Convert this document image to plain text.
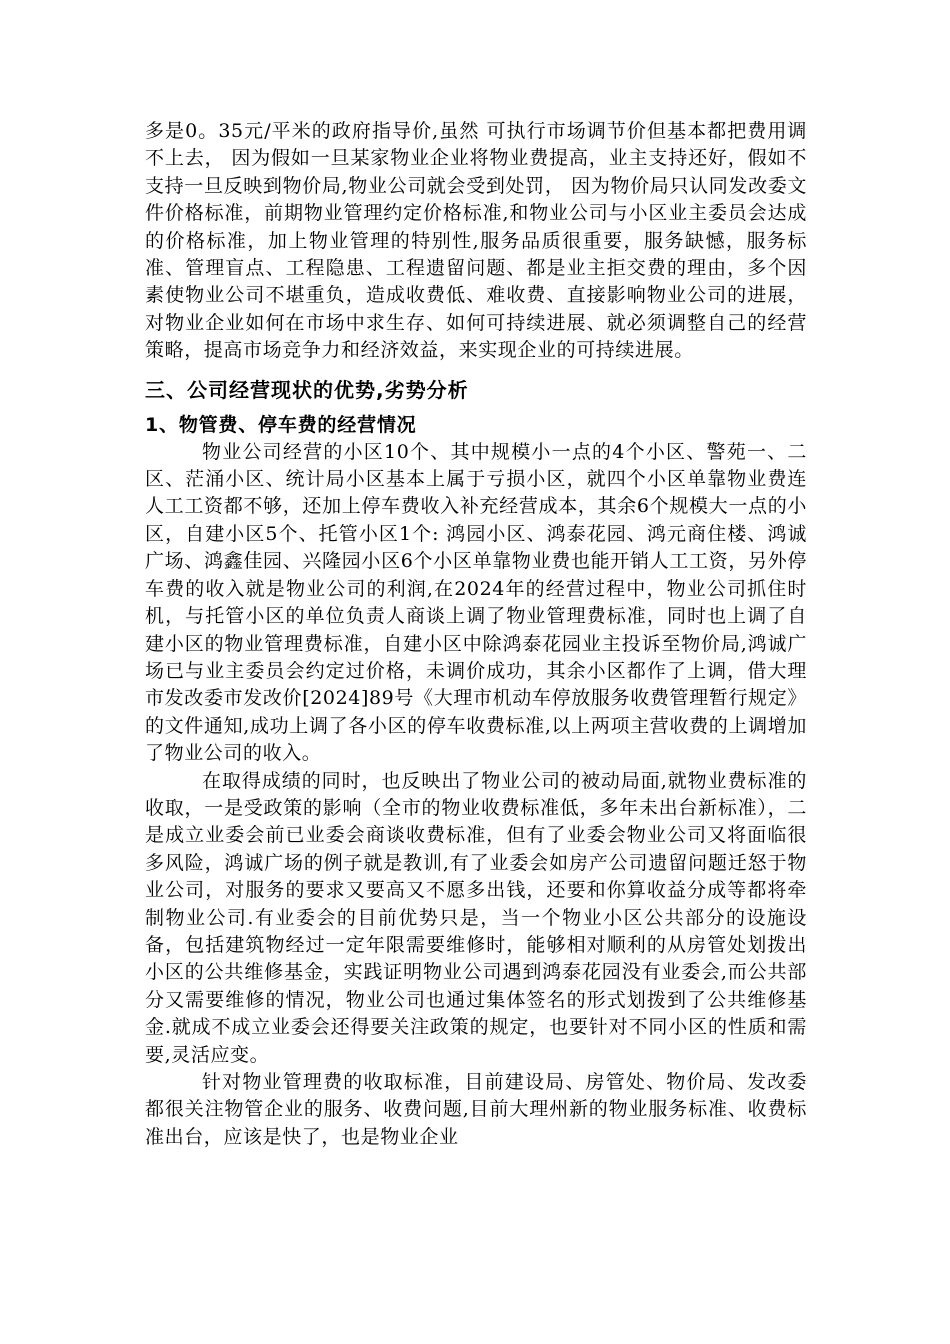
多是0。35元/平米的政府指导价,虽然 可执行市场调节价但基本都把费用调不上去， 因为假如一旦某家物业企业将物业费提高，业主支持还好，假如不支持一旦反映到物价局,物业公司就会受到处罚， 因为物价局只认同发改委文件价格标准，前期物业管理约定价格标准,和物业公司与小区业主委员会达成的价格标准，加上物业管理的特别性,服务品质很重要，服务缺憾，服务标准、管理盲点、工程隐患、工程遗留问题、都是业主拒交费的理由，多个因素使物业公司不堪重负，造成收费低、难收费、直接影响物业公司的进展，对物业企业如何在市场中求生存、如何可持续进展、就必须调整自己的经营策略，提高市场竞争力和经济效益，来实现企业的可持续进展。

三、公司经营现状的优势,劣势分析
1、物管费、停车费的经营情况

物业公司经营的小区10个、其中规模小一点的4个小区、警苑一、二区、茫涌小区、统计局小区基本上属于亏损小区，就四个小区单靠物业费连人工工资都不够，还加上停车费收入补充经营成本，其余6个规模大一点的小区，自建小区5个、托管小区1个: 鸿园小区、鸿泰花园、鸿元商住楼、鸿诚广场、鸿鑫佳园、兴隆园小区6个小区单靠物业费也能开销人工工资，另外停车费的收入就是物业公司的利润,在2024年的经营过程中，物业公司抓住时机，与托管小区的单位负责人商谈上调了物业管理费标准，同时也上调了自建小区的物业管理费标准，自建小区中除鸿泰花园业主投诉至物价局,鸿诚广场已与业主委员会约定过价格，未调价成功，其余小区都作了上调，借大理市发改委市发改价[2024]89号《大理市机动车停放服务收费管理暂行规定》的文件通知,成功上调了各小区的停车收费标准,以上两项主营收费的上调增加了物业公司的收入。

在取得成绩的同时，也反映出了物业公司的被动局面,就物业费标准的收取，一是受政策的影响（全市的物业收费标准低，多年未出台新标准），二是成立业委会前已业委会商谈收费标准，但有了业委会物业公司又将面临很多风险，鸿诚广场的例子就是教训,有了业委会如房产公司遗留问题迁怒于物业公司，对服务的要求又要高又不愿多出钱，还要和你算收益分成等都将牵制物业公司.有业委会的目前优势只是，当一个物业小区公共部分的设施设备，包括建筑物经过一定年限需要维修时，能够相对顺利的从房管处划拨出小区的公共维修基金，实践证明物业公司遇到鸿泰花园没有业委会,而公共部分又需要维修的情况，物业公司也通过集体签名的形式划拨到了公共维修基金.就成不成立业委会还得要关注政策的规定，也要针对不同小区的性质和需要,灵活应变。

针对物业管理费的收取标准，目前建设局、房管处、物价局、发改委都很关注物管企业的服务、收费问题,目前大理州新的物业服务标准、收费标准出台，应该是快了，也是物业企业
